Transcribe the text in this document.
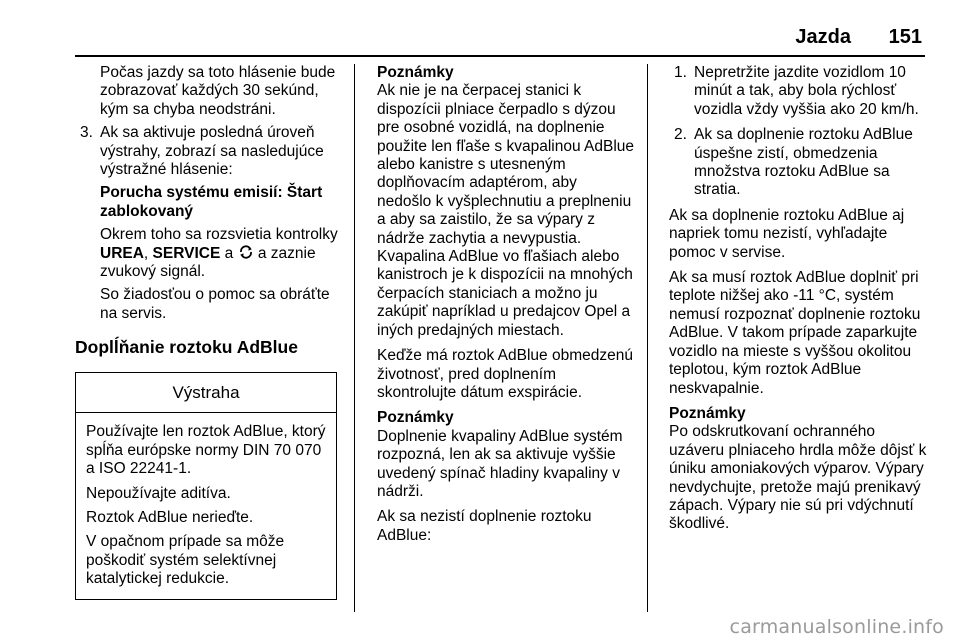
Jazda 151

Počas jazdy sa toto hlásenie bude zobrazovať každých 30 sekúnd, kým sa chyba neodstráni.

3. Ak sa aktivuje posledná úroveň výstrahy, zobrazí sa nasledujúce výstražné hlásenie:

Porucha systému emisií: Štart zablokovaný

Okrem toho sa rozsvietia kontrolky UREA, SERVICE a  a zaznie zvukový signál.

So žiadosťou o pomoc sa obráťte na servis.

Doplĺňanie roztoku AdBlue
Výstraha

Používajte len roztok AdBlue, ktorý spĺňa európske normy DIN 70 070 a ISO 22241-1.

Nepoužívajte aditíva.

Roztok AdBlue nerieďte.

V opačnom prípade sa môže poškodiť systém selektívnej katalytickej redukcie.

Poznámky

Ak nie je na čerpacej stanici k dispozícii plniace čerpadlo s dýzou pre osobné vozidlá, na doplnenie použite len fľaše s kvapalinou AdBlue alebo kanistre s utesneným doplňovacím adaptérom, aby nedošlo k vyšplechnutiu a preplneniu a aby sa zaistilo, že sa výpary z nádrže zachytia a nevypustia. Kvapalina AdBlue vo fľašiach alebo kanistroch je k dispozícii na mnohých čerpacích staniciach a možno ju zakúpiť napríklad u predajcov Opel a iných predajných miestach.

Keďže má roztok AdBlue obmedzenú životnosť, pred doplnením skontrolujte dátum exspirácie.

Poznámky

Doplnenie kvapaliny AdBlue systém rozpozná, len ak sa aktivuje vyššie uvedený spínač hladiny kvapaliny v nádrži.

Ak sa nezistí doplnenie roztoku AdBlue:

1. Nepretržite jazdite vozidlom 10 minút a tak, aby bola rýchlosť vozidla vždy vyššia ako 20 km/h.
2. Ak sa doplnenie roztoku AdBlue úspešne zistí, obmedzenia množstva roztoku AdBlue sa stratia.

Ak sa doplnenie roztoku AdBlue aj napriek tomu nezistí, vyhľadajte pomoc v servise.

Ak sa musí roztok AdBlue doplniť pri teplote nižšej ako -11 °C, systém nemusí rozpoznať doplnenie roztoku AdBlue. V takom prípade zaparkujte vozidlo na mieste s vyššou okolitou teplotou, kým roztok AdBlue neskvapalnie.

Poznámky

Po odskrutkovaní ochranného uzáveru plniaceho hrdla môže dôjsť k úniku amoniakových výparov. Výpary nevdychujte, pretože majú prenikavý zápach. Výpary nie sú pri vdýchnutí škodlivé.

carmanualsonline.info
